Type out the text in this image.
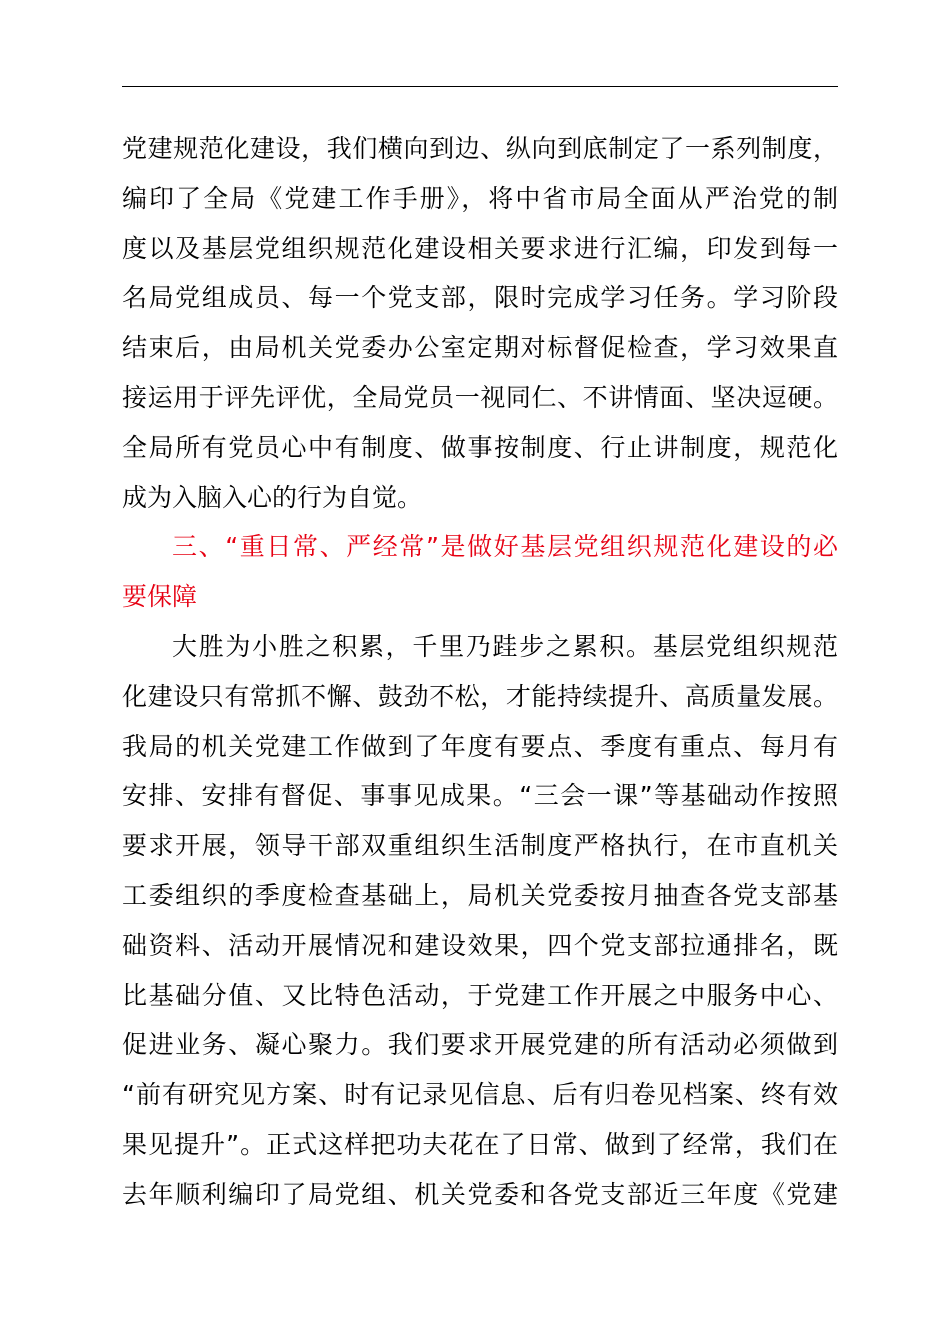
党建规范化建设，我们横向到边、纵向到底制定了一系列制度，
编印了全局《党建工作手册》，将中省市局全面从严治党的制
度以及基层党组织规范化建设相关要求进行汇编，印发到每一
名局党组成员、每一个党支部，限时完成学习任务。学习阶段
结束后，由局机关党委办公室定期对标督促检查，学习效果直
接运用于评先评优，全局党员一视同仁、不讲情面、坚决逗硬。
全局所有党员心中有制度、做事按制度、行止讲制度，规范化
成为入脑入心的行为自觉。
三、“重日常、严经常”是做好基层党组织规范化建设的必
要保障
大胜为小胜之积累，千里乃跬步之累积。基层党组织规范
化建设只有常抓不懈、鼓劲不松，才能持续提升、高质量发展。
我局的机关党建工作做到了年度有要点、季度有重点、每月有
安排、安排有督促、事事见成果。“三会一课”等基础动作按照
要求开展，领导干部双重组织生活制度严格执行，在市直机关
工委组织的季度检查基础上，局机关党委按月抽查各党支部基
础资料、活动开展情况和建设效果，四个党支部拉通排名，既
比基础分值、又比特色活动，于党建工作开展之中服务中心、
促进业务、凝心聚力。我们要求开展党建的所有活动必须做到
“前有研究见方案、时有记录见信息、后有归卷见档案、终有效
果见提升”。正式这样把功夫花在了日常、做到了经常，我们在
去年顺利编印了局党组、机关党委和各党支部近三年度《党建
